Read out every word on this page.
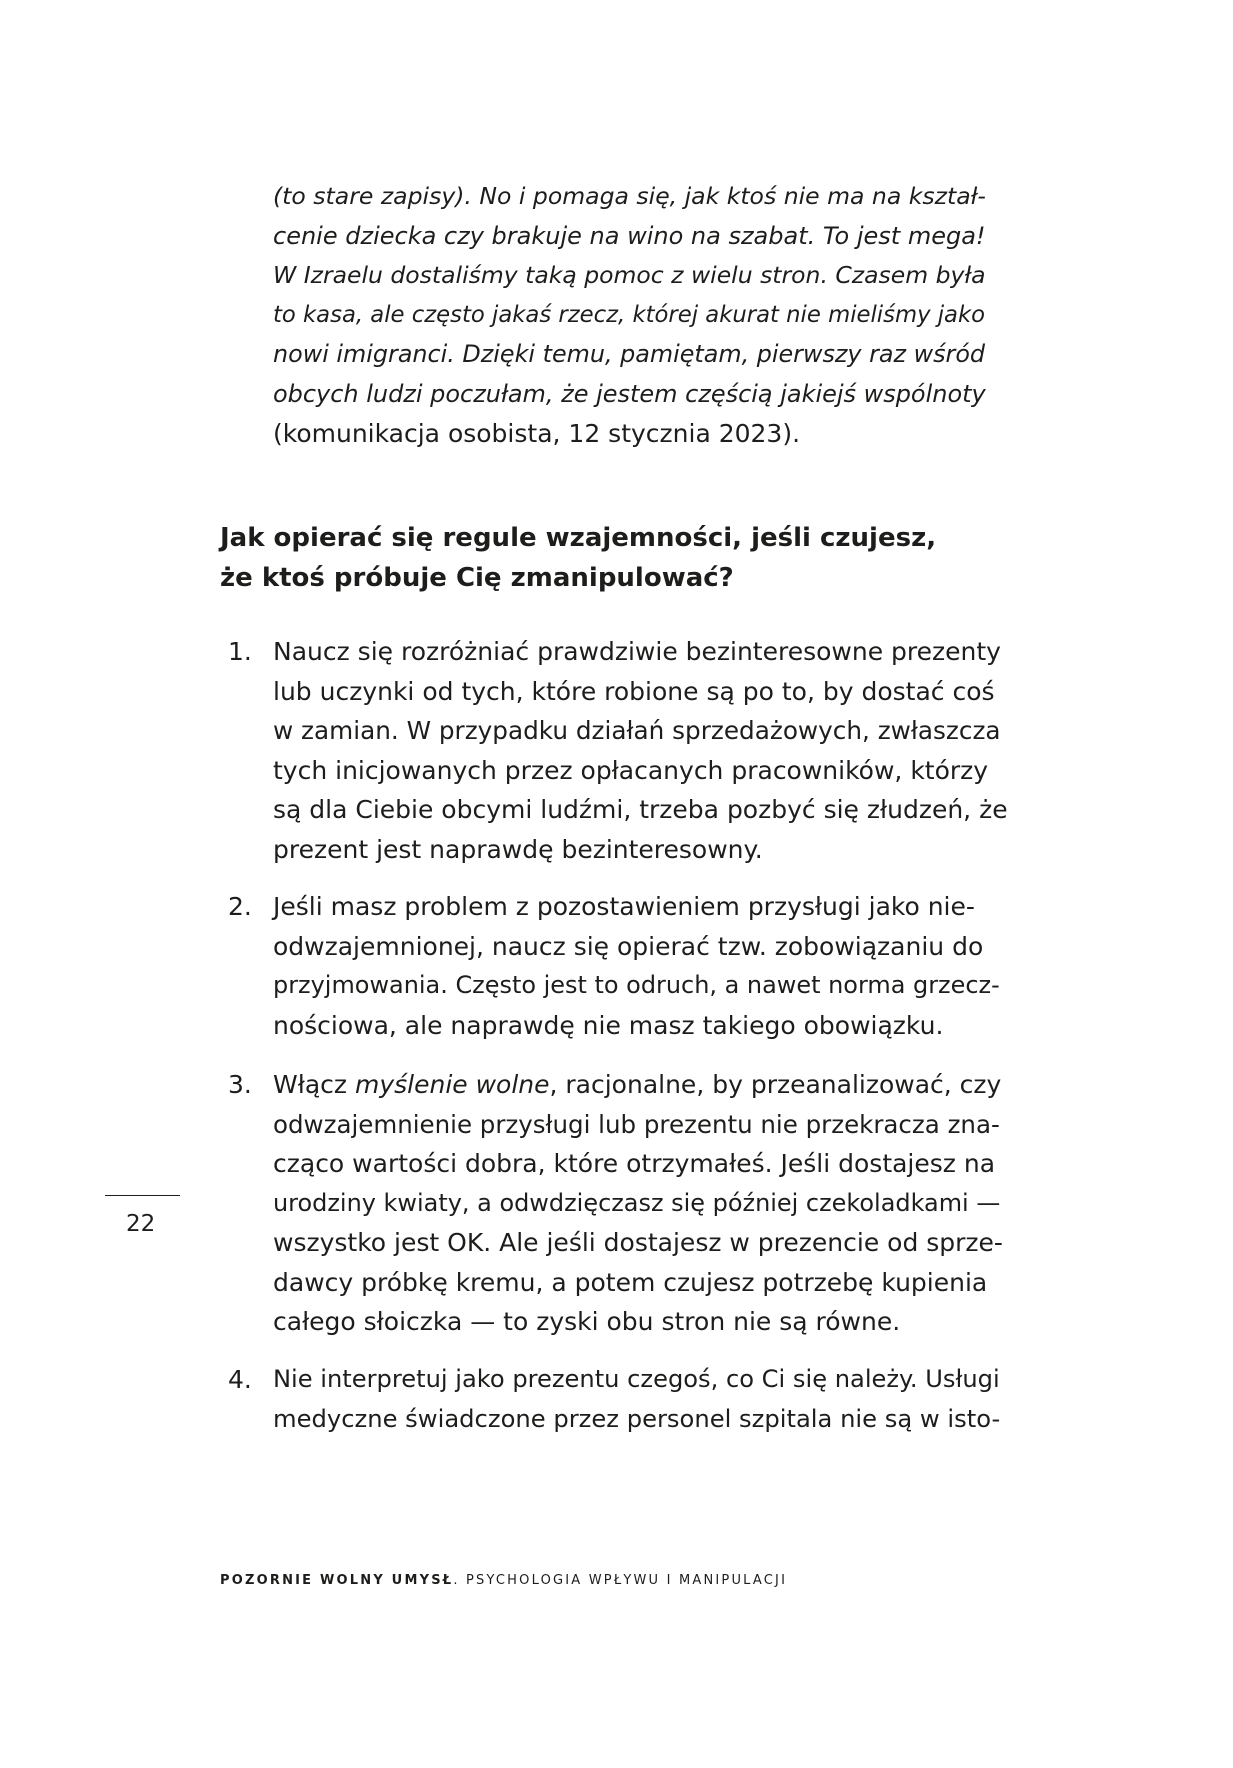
(to stare zapisy). No i pomaga się, jak ktoś nie ma na kształ-
cenie dziecka czy brakuje na wino na szabat. To jest mega!
W Izraelu dostaliśmy taką pomoc z wielu stron. Czasem była
to kasa, ale często jakaś rzecz, której akurat nie mieliśmy jako
nowi imigranci. Dzięki temu, pamiętam, pierwszy raz wśród
obcych ludzi poczułam, że jestem częścią jakiejś wspólnoty
(komunikacja osobista, 12 stycznia 2023).
Jak opierać się regule wzajemności, jeśli czujesz,
że ktoś próbuje Cię zmanipulować?
1. Naucz się rozróżniać prawdziwie bezinteresowne prezenty
lub uczynki od tych, które robione są po to, by dostać coś
w zamian. W przypadku działań sprzedażowych, zwłaszcza
tych inicjowanych przez opłacanych pracowników, którzy
są dla Ciebie obcymi ludźmi, trzeba pozbyć się złudzeń, że
prezent jest naprawdę bezinteresowny.
2. Jeśli masz problem z pozostawieniem przysługi jako nie-
odwzajemnionej, naucz się opierać tzw. zobowiązaniu do
przyjmowania. Często jest to odruch, a nawet norma grzecz-
nościowa, ale naprawdę nie masz takiego obowiązku.
3. Włącz myślenie wolne, racjonalne, by przeanalizować, czy
odwzajemnienie przysługi lub prezentu nie przekracza zna-
cząco wartości dobra, które otrzymałeś. Jeśli dostajesz na
urodziny kwiaty, a odwdzięczasz się później czekoladkami —
wszystko jest OK. Ale jeśli dostajesz w prezencie od sprze-
dawcy próbkę kremu, a potem czujesz potrzebę kupienia
całego słoiczka — to zyski obu stron nie są równe.
4. Nie interpretuj jako prezentu czegoś, co Ci się należy. Usługi
medyczne świadczone przez personel szpitala nie są w isto-
22
POZORNIE WOLNY UMYSŁ. PSYCHOLOGIA WPŁYWU I MANIPULACJI
